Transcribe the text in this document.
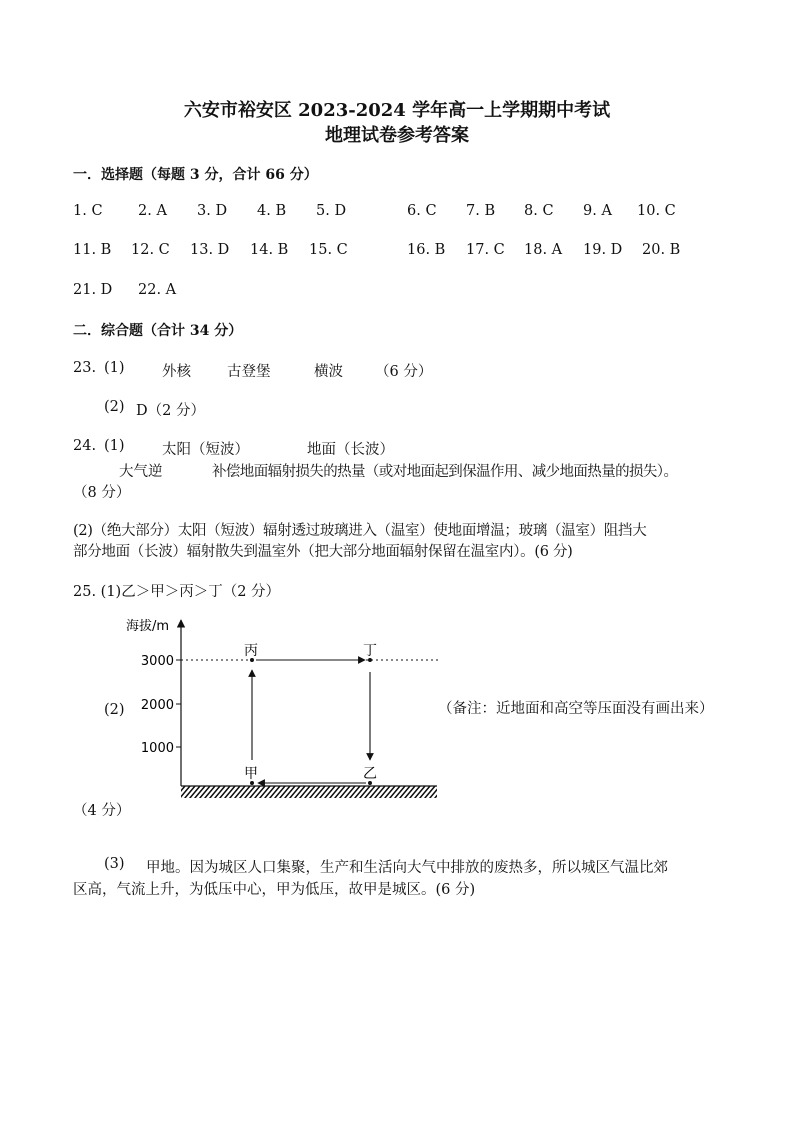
六安市裕安区 2023-2024 学年高一上学期期中考试
地理试卷参考答案
一．选择题（每题 3 分，合计 66 分）
1. C 2. A 3. D 4. B 5. D	6. C 7. B 8. C 9. A 10. C
11. B 12. C 13. D 14. B 15. C	16. B 17. C 18. A 19. D 20. B
21. D 22. A
二．综合题（合计 34 分）
23. (1)	外核 古登堡	横波 （6 分）
(2) D（2 分）
24. (1)	太阳（短波）	地面（长波）
大气逆	补偿地面辐射损失的热量（或对地面起到保温作用、减少地面热量的损失）。
（8 分）
(2)（绝大部分）太阳（短波）辐射透过玻璃进入（温室）使地面增温；玻璃（温室）阻挡大
部分地面（长波）辐射散失到温室外（把大部分地面辐射保留在温室内）。(6 分)
25. (1)乙＞甲＞丙＞丁（2 分）
海拔/m
3000
2000
1000
丙	丁
甲	乙
(2)	（备注：近地面和高空等压面没有画出来）
（4 分）
(3) 甲地。因为城区人口集聚，生产和生活向大气中排放的废热多，所以城区气温比郊
区高，气流上升，为低压中心，甲为低压，故甲是城区。(6 分)
